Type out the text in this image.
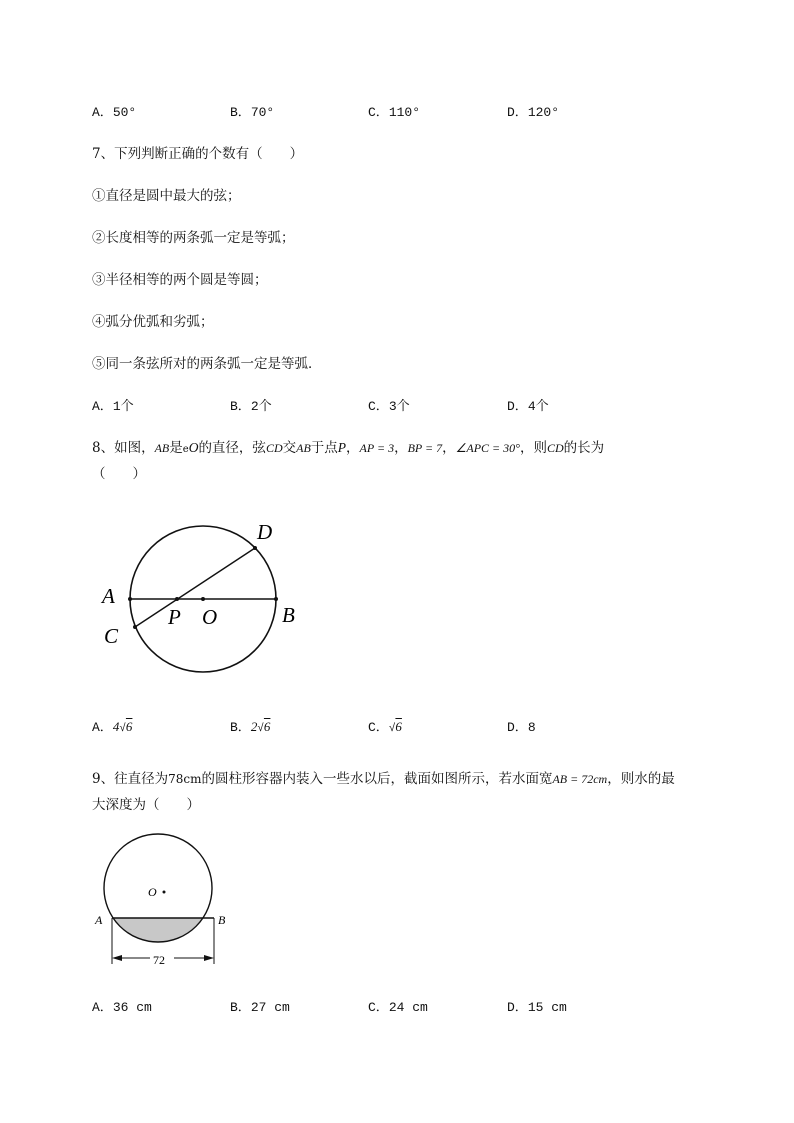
A．50°	B．70°	C．110°	D．120°
7、下列判断正确的个数有（　　）
①直径是圆中最大的弦；
②长度相等的两条弧一定是等弧；
③半径相等的两个圆是等圆；
④弧分优弧和劣弧；
⑤同一条弦所对的两条弧一定是等弧．
A．1个	B．2个	C．3个	D．4个
8、如图，AB是eO的直径，弦CD交AB于点P，AP = 3，BP = 7，∠APC = 30°，则CD的长为
（　　）
A
B
C
D
P O
A．4√6	B．2√6	C．√6	D．8
9、往直径为78cm的圆柱形容器内装入一些水以后，截面如图所示，若水面宽AB = 72cm，则水的最
大深度为（　　）
O
A	B
72
A．36 cm	B．27 cm	C．24 cm	D．15 cm
